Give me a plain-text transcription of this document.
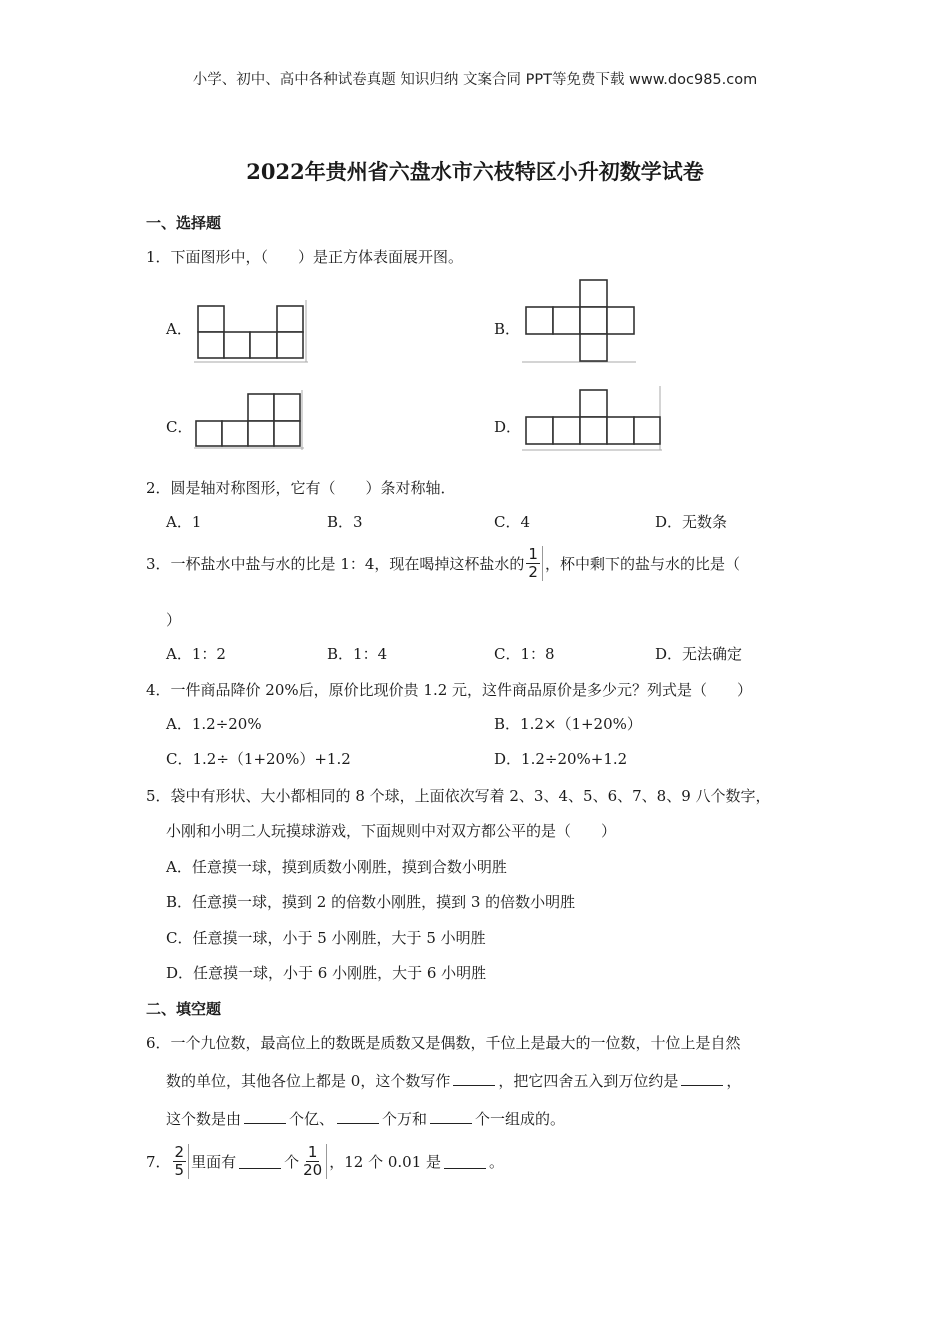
小学、初中、高中各种试卷真题 知识归纳 文案合同 PPT等免费下载 www.doc985.com
2022年贵州省六盘水市六枝特区小升初数学试卷
一、选择题
1．下面图形中，（　　）是正方体表面展开图。
A．	B．
C．	D．
2．圆是轴对称图形，它有（　　）条对称轴．
A．1	B．3	C．4	D．无数条
3．一杯盐水中盐与水的比是 1：4，现在喝掉这杯盐水的 $\frac{1}{2}$ ，杯中剩下的盐与水的比是（
）
A．1：2	B．1：4	C．1：8	D．无法确定
4．一件商品降价 20%后，原价比现价贵 1.2 元，这件商品原价是多少元？列式是（　　）
A．1.2÷20%	B．1.2×（1+20%）
C．1.2÷（1+20%）+1.2	D．1.2÷20%+1.2
5．袋中有形状、大小都相同的 8 个球，上面依次写着 2、3、4、5、6、7、8、9 八个数字，
小刚和小明二人玩摸球游戏，下面规则中对双方都公平的是（　　）
A．任意摸一球，摸到质数小刚胜，摸到合数小明胜
B．任意摸一球，摸到 2 的倍数小刚胜，摸到 3 的倍数小明胜
C．任意摸一球，小于 5 小刚胜，大于 5 小明胜
D．任意摸一球，小于 6 小刚胜，大于 6 小明胜
二、填空题
6．一个九位数，最高位上的数既是质数又是偶数，千位上是最大的一位数，十位上是自然
数的单位，其他各位上都是 0，这个数写作	，把它四舍五入到万位约是	，
这个数是由	个亿、	个万和	个一组成的。
7． $\frac{2}{5}$ 里面有	个 $\frac{1}{20}$ ，12 个 0.01 是	。
